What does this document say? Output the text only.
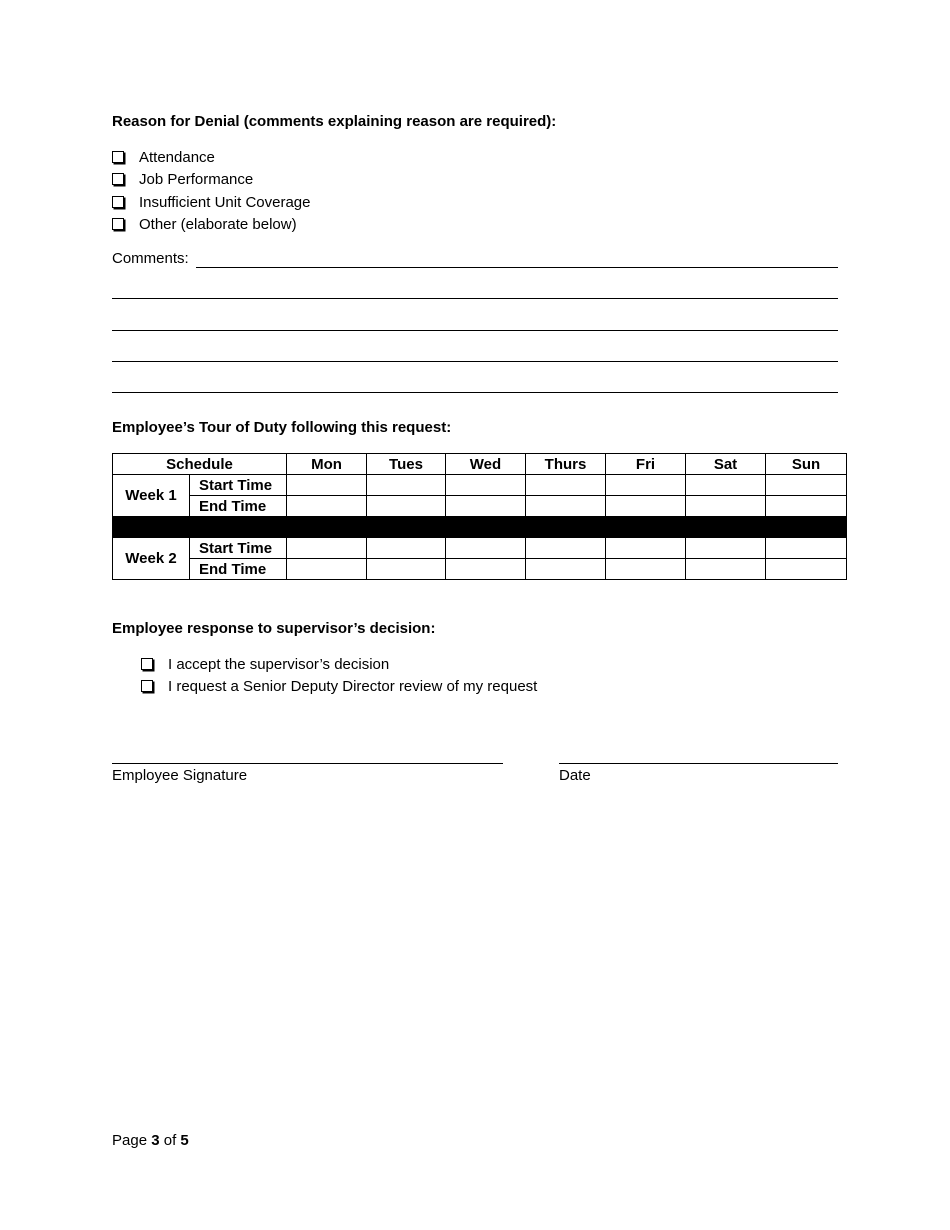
Reason for Denial (comments explaining reason are required):
Attendance
Job Performance
Insufficient Unit Coverage
Other (elaborate below)
Comments:
Employee’s Tour of Duty following this request:
Schedule		Mon	Tues	Wed	Thurs	Fri	Sat	Sun
Week 1	Start Time							
	End Time							

Week 2	Start Time							
	End Time							
Employee response to supervisor’s decision:
I accept the supervisor’s decision
I request a Senior Deputy Director review of my request
Employee Signature	Date
Page 3 of 5
